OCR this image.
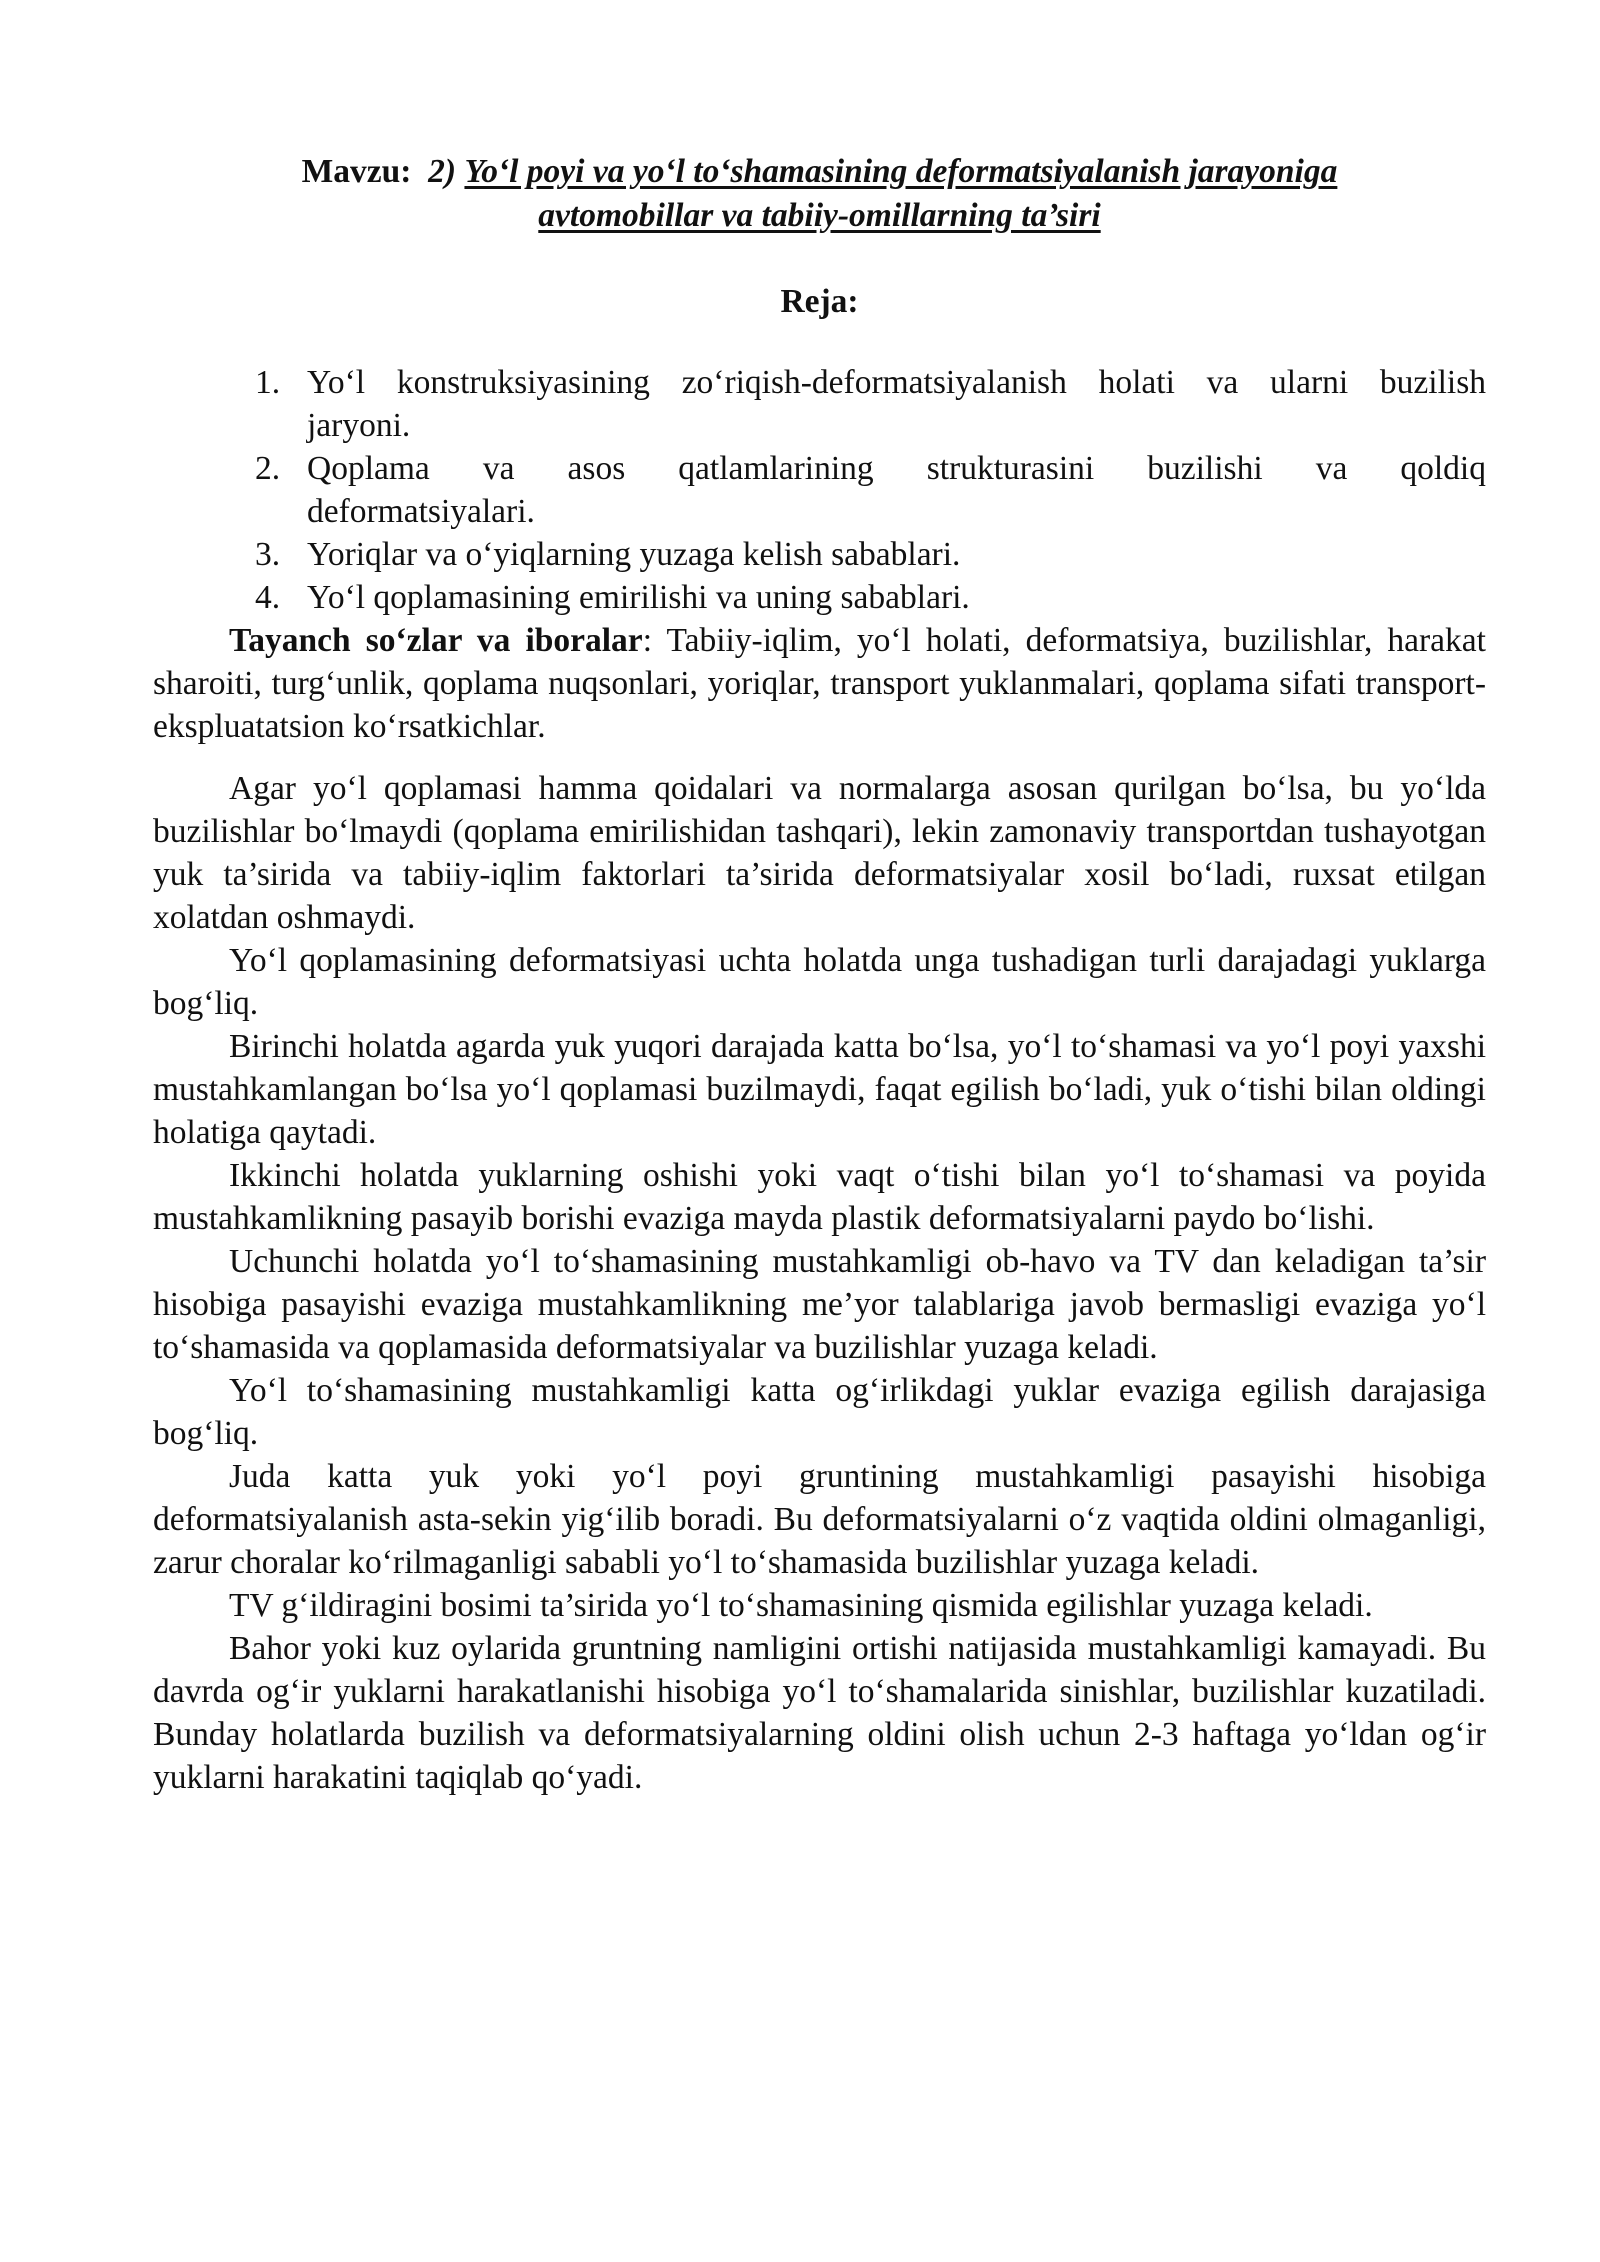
Mavzu: 2) Yo‘l poyi va yo‘l to‘shamasining deformatsiyalanish jarayoniga
avtomobillar va tabiiy-omillarning ta’siri
Reja:
1. Yo‘l konstruksiyasining zo‘riqish-deformatsiyalanish holati va ularni buzilish
jaryoni.
2. Qoplama va asos qatlamlarining strukturasini buzilishi va qoldiq
deformatsiyalari.
3. Yoriqlar va o‘yiqlarning yuzaga kelish sabablari.
4. Yo‘l qoplamasining emirilishi va uning sabablari.

Tayanch so‘zlar va iboralar: Tabiiy-iqlim, yo‘l holati, deformatsiya, buzilishlar, harakat sharoiti, turg‘unlik, qoplama nuqsonlari, yoriqlar, transport yuklanmalari, qoplama sifati transport-ekspluatatsion ko‘rsatkichlar.

Agar yo‘l qoplamasi hamma qoidalari va normalarga asosan qurilgan bo‘lsa, bu yo‘lda buzilishlar bo‘lmaydi (qoplama emirilishidan tashqari), lekin zamonaviy transportdan tushayotgan yuk ta’sirida va tabiiy-iqlim faktorlari ta’sirida deformatsiyalar xosil bo‘ladi, ruxsat etilgan xolatdan oshmaydi.

Yo‘l qoplamasining deformatsiyasi uchta holatda unga tushadigan turli darajadagi yuklarga bog‘liq.

Birinchi holatda agarda yuk yuqori darajada katta bo‘lsa, yo‘l to‘shamasi va yo‘l poyi yaxshi mustahkamlangan bo‘lsa yo‘l qoplamasi buzilmaydi, faqat egilish bo‘ladi, yuk o‘tishi bilan oldingi holatiga qaytadi.

Ikkinchi holatda yuklarning oshishi yoki vaqt o‘tishi bilan yo‘l to‘shamasi va poyida mustahkamlikning pasayib borishi evaziga mayda plastik deformatsiyalarni paydo bo‘lishi.

Uchunchi holatda yo‘l to‘shamasining mustahkamligi ob-havo va TV dan keladigan ta’sir hisobiga pasayishi evaziga mustahkamlikning me’yor talablariga javob bermasligi evaziga yo‘l to‘shamasida va qoplamasida deformatsiyalar va buzilishlar yuzaga keladi.

Yo‘l to‘shamasining mustahkamligi katta og‘irlikdagi yuklar evaziga egilish darajasiga bog‘liq.

Juda katta yuk yoki yo‘l poyi gruntining mustahkamligi pasayishi hisobiga deformatsiyalanish asta-sekin yig‘ilib boradi. Bu deformatsiyalarni o‘z vaqtida oldini olmaganligi, zarur choralar ko‘rilmaganligi sababli yo‘l to‘shamasida buzilishlar yuzaga keladi.

TV g‘ildiragini bosimi ta’sirida yo‘l to‘shamasining qismida egilishlar yuzaga keladi.

Bahor yoki kuz oylarida gruntning namligini ortishi natijasida mustahkamligi kamayadi. Bu davrda og‘ir yuklarni harakatlanishi hisobiga yo‘l to‘shamalarida sinishlar, buzilishlar kuzatiladi. Bunday holatlarda buzilish va deformatsiyalarning oldini olish uchun 2-3 haftaga yo‘ldan og‘ir yuklarni harakatini taqiqlab qo‘yadi.
